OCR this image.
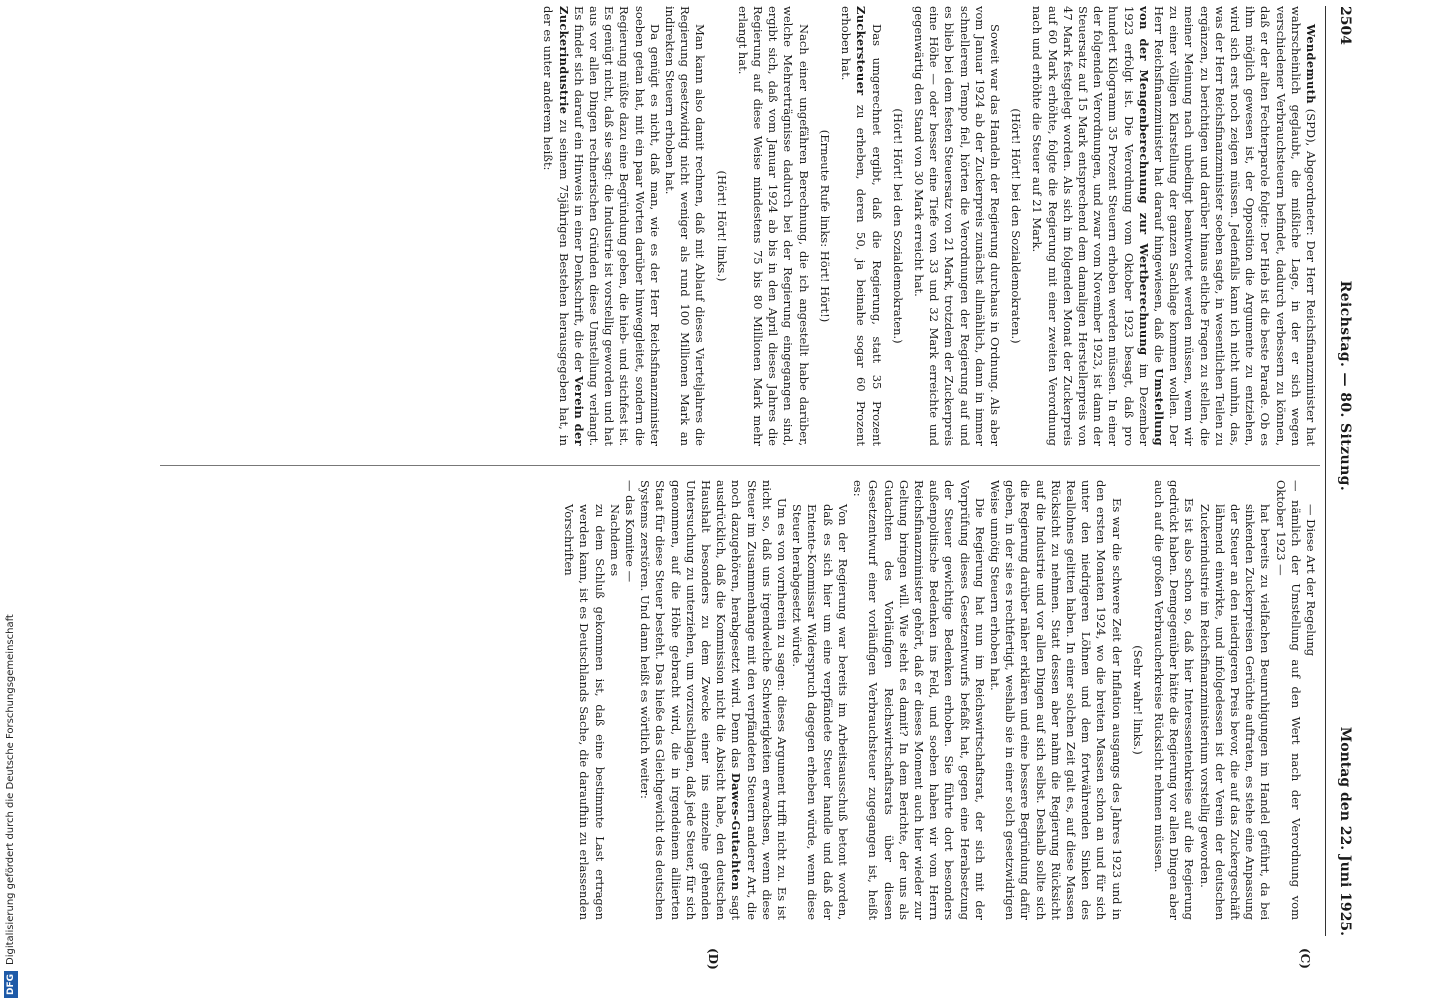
DFGDigitalisierung gefördert durch die Deutsche Forschungsgemeinschaft
2504
Reichstag. — 80. Sitzung.
Montag den 22. Juni 1925.
(C)
(D)

Wendemuth (SPD), Abgeordneter: Der Herr Reichsfinanzminister hat wahrscheinlich geglaubt, die mißliche Lage, in der er sich wegen verschiedener Verbrauchsteuern befindet, dadurch verbessern zu können, daß er der alten Fechterparole folgte: Der Hieb ist die beste Parade. Ob es ihm möglich gewesen ist, der Opposition die Argumente zu entziehen, wird sich erst noch zeigen müssen. Jedenfalls kann ich nicht umhin, das, was der Herr Reichsfinanzminister soeben sagte, in wesentlichen Teilen zu ergänzen, zu berichtigen und darüber hinaus etliche Fragen zu stellen, die meiner Meinung nach unbedingt beantwortet werden müssen, wenn wir zu einer völligen Klarstellung der ganzen Sachlage kommen wollen. Der Herr Reichsfinanzminister hat darauf hingewiesen, daß die Umstellung von der Mengenberechnung zur Wertberechnung im Dezember 1923 erfolgt ist. Die Verordnung vom Oktober 1923 besagt, daß pro hundert Kilogramm 35 Prozent Steuern erhoben werden müssen. In einer der folgenden Verordnungen, und zwar vom November 1923, ist dann der Steuersatz auf 15 Mark entsprechend dem damaligen Herstellerpreis von 47 Mark festgelegt worden. Als sich im folgenden Monat der Zuckerpreis auf 60 Mark erhöhte, folgte die Regierung mit einer zweiten Verordnung nach und erhöhte die Steuer auf 21 Mark.

(Hört! Hört! bei den Sozialdemokraten.)

Soweit war das Handeln der Regierung durchaus in Ordnung. Als aber vom Januar 1924 ab der Zuckerpreis zunächst allmählich, dann in immer schnellerem Tempo fiel, hörten die Verordnungen der Regierung auf und es blieb bei dem festen Steuersatz von 21 Mark, trotzdem der Zuckerpreis eine Höhe — oder besser eine Tiefe von 33 und 32 Mark erreichte und gegenwärtig den Stand von 30 Mark erreicht hat.

(Hört! Hört! bei den Sozialdemokraten.)

Das umgerechnet ergibt, daß die Regierung, statt 35 Prozent Zuckersteuer zu erheben, deren 50, ja beinahe sogar 60 Prozent erhoben hat.

(Erneute Rufe links: Hört! Hört!)

Nach einer ungefähren Berechnung, die ich angestellt habe darüber, welche Mehrerträgnisse dadurch bei der Regierung eingegangen sind, ergibt sich, daß vom Januar 1924 ab bis in den April dieses Jahres die Regierung auf diese Weise mindestens 75 bis 80 Millionen Mark mehr erlangt hat.

(Hört! Hört! links.)

Man kann also damit rechnen, daß mit Ablauf dieses Vierteljahres die Regierung gesetzwidrig nicht weniger als rund 100 Millionen Mark an indirekten Steuern erhoben hat.

Da genügt es nicht, daß man, wie es der Herr Reichsfinanzminister soeben getan hat, mit ein paar Worten darüber hinweggleitet, sondern die Regierung müßte dazu eine Begründung geben, die hieb- und stichfest ist. Es genügt nicht, daß sie sagt: die Industrie ist vorstellig geworden und hat aus vor allen Dingen rechnerischen Gründen diese Umstellung verlangt. Es findet sich darauf ein Hinweis in einer Denkschrift, die der Verein der Zuckerindustrie zu seinem 75jährigen Bestehen herausgegeben hat, in der es unter anderem heißt:

— Diese Art der Regelung

— nämlich der Umstellung auf den Wert nach der Verordnung vom Oktober 1923 —

hat bereits zu vielfachen Beunruhigungen im Handel geführt, da bei sinkenden Zuckerpreisen Gerüchte auftraten, es stehe eine Anpassung der Steuer an den niedrigeren Preis bevor, die auf das Zuckergeschäft lähmend einwirkte, und infolgedessen ist der Verein der deutschen Zuckerindustrie im Reichsfinanzministerium vorstellig geworden.

Es ist also schon so, daß hier Interessentenkreise auf die Regierung gedrückt haben. Demgegenüber hätte die Regierung vor allen Dingen aber auch auf die großen Verbraucherkreise Rücksicht nehmen müssen.

(Sehr wahr! links.)

Es war die schwere Zeit der Inflation ausgangs des Jahres 1923 und in den ersten Monaten 1924, wo die breiten Massen schon an und für sich unter den niedrigeren Löhnen und dem fortwährenden Sinken des Reallohnes gelitten haben. In einer solchen Zeit galt es, auf diese Massen Rücksicht zu nehmen. Statt dessen aber nahm die Regierung Rücksicht auf die Industrie und vor allen Dingen auf sich selbst. Deshalb sollte sich die Regierung darüber näher erklären und eine bessere Begründung dafür geben, in der sie es rechtfertigt, weshalb sie in einer solch gesetzwidrigen Weise unnötig Steuern erhoben hat.

Die Regierung hat nun im Reichswirtschaftsrat, der sich mit der Vorprüfung dieses Gesetzentwurfs befaßt hat, gegen eine Herabsetzung der Steuer gewichtige Bedenken erhoben. Sie führte dort besonders außenpolitische Bedenken ins Feld, und soeben haben wir vom Herrn Reichsfinanzminister gehört, daß er dieses Moment auch hier wieder zur Geltung bringen will. Wie steht es damit? In dem Berichte, der uns als Gutachten des Vorläufigen Reichswirtschaftsrats über diesen Gesetzentwurf einer vorläufigen Verbrauchsteuer zugegangen ist, heißt es:

Von der Regierung war bereits im Arbeitsausschuß betont worden, daß es sich hier um eine verpfändete Steuer handle und daß der Entente-Kommissar Widerspruch dagegen erheben würde, wenn diese Steuer herabgesetzt würde.

Um es von vornherein zu sagen: dieses Argument trifft nicht zu. Es ist nicht so, daß uns irgendwelche Schwierigkeiten erwachsen, wenn diese Steuer im Zusammenhange mit den verpfändeten Steuern anderer Art, die noch dazugehören, herabgesetzt wird. Denn das Dawes-Gutachten sagt ausdrücklich, daß die Kommission nicht die Absicht habe, den deutschen Haushalt besonders zu dem Zwecke einer ins einzelne gehenden Untersuchung zu unterziehen, um vorzuschlagen, daß jede Steuer, für sich genommen, auf die Höhe gebracht wird, die in irgendeinem alliierten Staat für diese Steuer besteht. Das hieße das Gleichgewicht des deutschen Systems zerstören. Und dann heißt es wörtlich weiter:

— das Komitee —

Nachdem es

zu dem Schluß gekommen ist, daß eine bestimmte Last ertragen werden kann, ist es Deutschlands Sache, die daraufhin zu erlassenden Vorschriften
